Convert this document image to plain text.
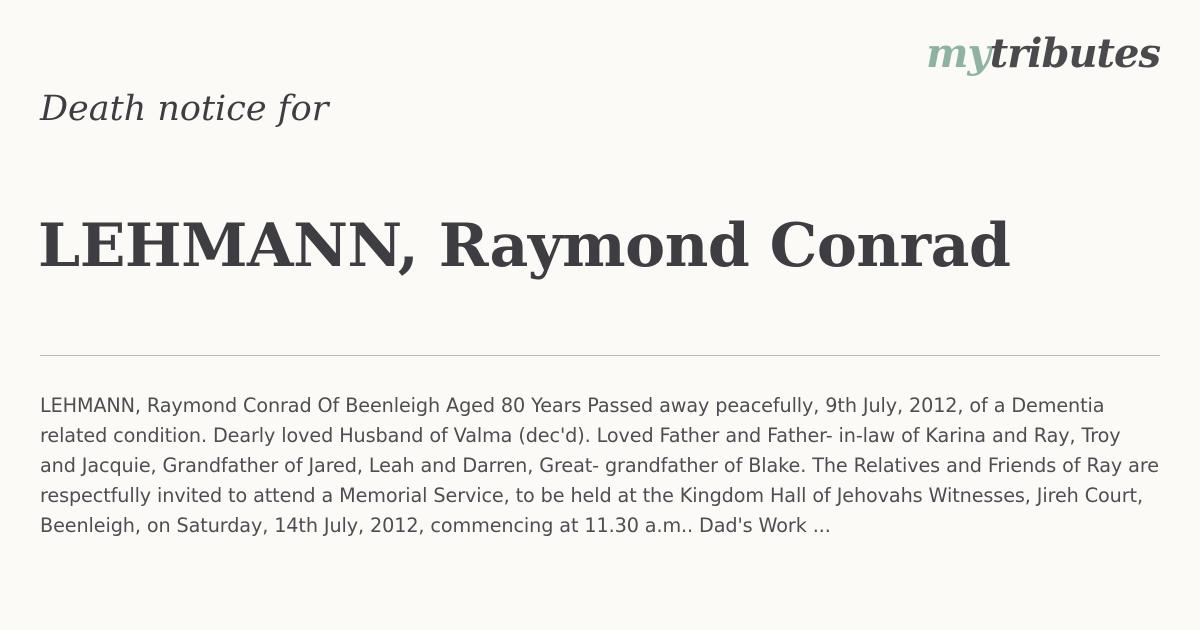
mytributes
Death notice for
LEHMANN, Raymond Conrad

LEHMANN, Raymond Conrad Of Beenleigh Aged 80 Years Passed away peacefully, 9th July, 2012, of a Dementia related condition. Dearly loved Husband of Valma (dec'd). Loved Father and Father- in-law of Karina and Ray, Troy and Jacquie, Grandfather of Jared, Leah and Darren, Great- grandfather of Blake. The Relatives and Friends of Ray are respectfully invited to attend a Memorial Service, to be held at the Kingdom Hall of Jehovahs Witnesses, Jireh Court, Beenleigh, on Saturday, 14th July, 2012, commencing at 11.30 a.m.. Dad's Work ...
